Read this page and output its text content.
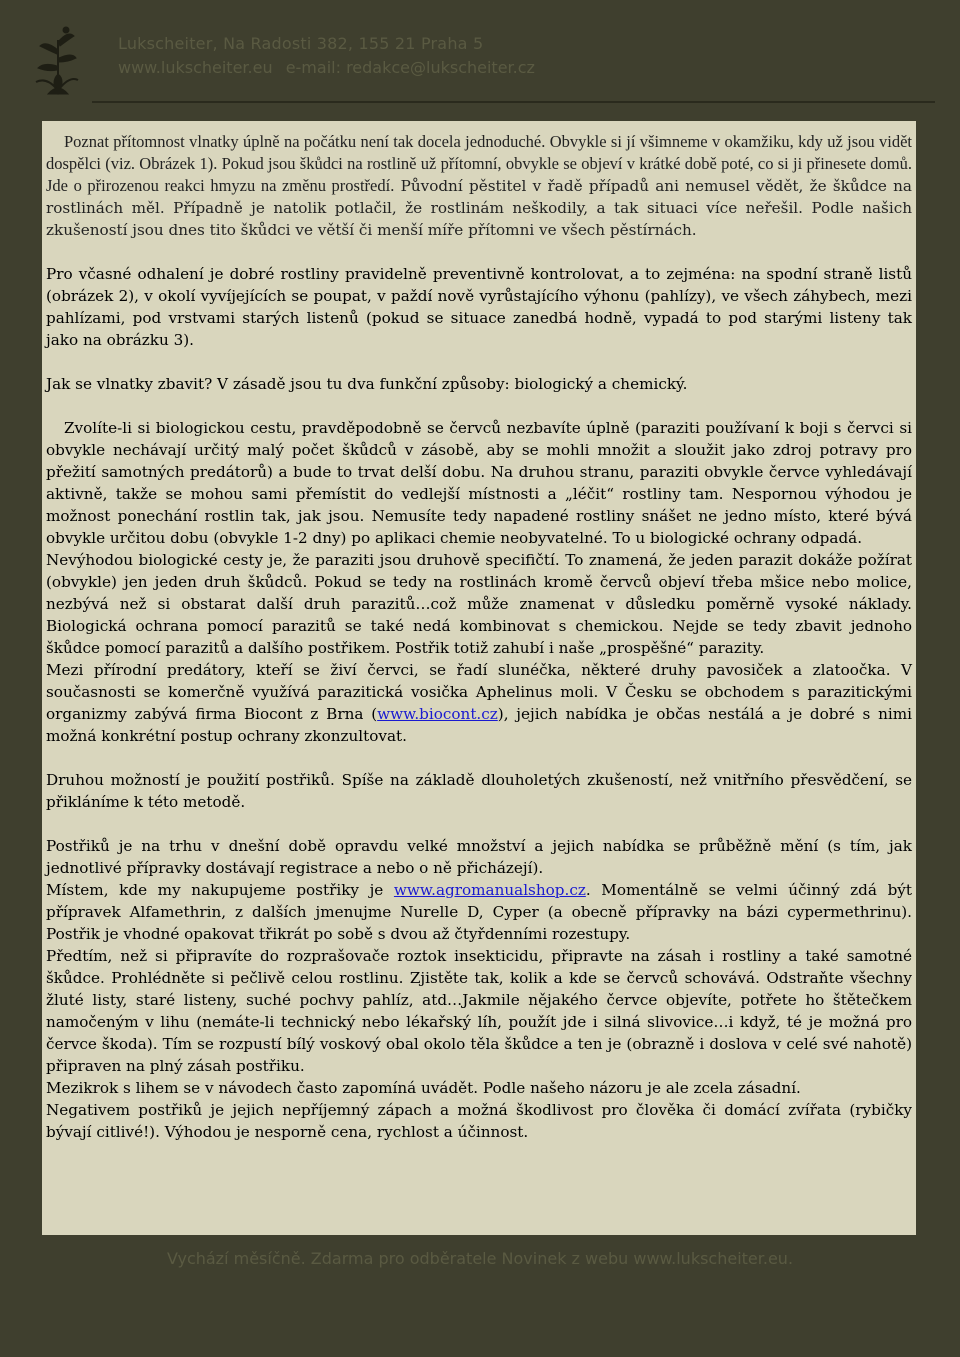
Lukscheiter, Na Radosti 382, 155 21 Praha 5
www.lukscheiter.eu e-mail: redakce@lukscheiter.cz

Poznat přítomnost vlnatky úplně na počátku není tak docela jednoduché. Obvykle si jí všimneme v okamžiku, kdy už jsou vidět dospělci (viz. Obrázek 1). Pokud jsou škůdci na rostlině už přítomní, obvykle se objeví v krátké době poté, co si ji přinesete domů. Jde o přirozenou reakci hmyzu na změnu prostředí. Původní pěstitel v řadě případů ani nemusel vědět, že škůdce na rostlinách měl. Případně je natolik potlačil, že rostlinám neškodily, a tak situaci více neřešil. Podle našich zkušeností jsou dnes tito škůdci ve větší či menší míře přítomni ve všech pěstírnách.

Pro včasné odhalení je dobré rostliny pravidelně preventivně kontrolovat, a to zejména: na spodní straně listů (obrázek 2), v okolí vyvíjejících se poupat, v paždí nově vyrůstajícího výhonu (pahlízy), ve všech záhybech, mezi pahlízami, pod vrstvami starých listenů (pokud se situace zanedbá hodně, vypadá to pod starými listeny tak jako na obrázku 3).

Jak se vlnatky zbavit? V zásadě jsou tu dva funkční způsoby: biologický a chemický.

Zvolíte-li si biologickou cestu, pravděpodobně se červců nezbavíte úplně (paraziti používaní k boji s červci si obvykle nechávají určitý malý počet škůdců v zásobě, aby se mohli množit a sloužit jako zdroj potravy pro přežití samotných predátorů) a bude to trvat delší dobu. Na druhou stranu, paraziti obvykle červce vyhledávají aktivně, takže se mohou sami přemístit do vedlejší místnosti a „léčit“ rostliny tam. Nespornou výhodou je možnost ponechání rostlin tak, jak jsou. Nemusíte tedy napadené rostliny snášet ne jedno místo, které bývá obvykle určitou dobu (obvykle 1-2 dny) po aplikaci chemie neobyvatelné. To u biologické ochrany odpadá.

Nevýhodou biologické cesty je, že paraziti jsou druhově specifičtí. To znamená, že jeden parazit dokáže požírat (obvykle) jen jeden druh škůdců. Pokud se tedy na rostlinách kromě červců objeví třeba mšice nebo molice, nezbývá než si obstarat další druh parazitů…což může znamenat v důsledku poměrně vysoké náklady. Biologická ochrana pomocí parazitů se také nedá kombinovat s chemickou. Nejde se tedy zbavit jednoho škůdce pomocí parazitů a dalšího postřikem. Postřik totiž zahubí i naše „prospěšné“ parazity.

Mezi přírodní predátory, kteří se živí červci, se řadí slunéčka, některé druhy pavosiček a zlatoočka. V současnosti se komerčně využívá parazitická vosička Aphelinus moli. V Česku se obchodem s parazitickými organizmy zabývá firma Biocont z Brna (www.biocont.cz), jejich nabídka je občas nestálá a je dobré s nimi možná konkrétní postup ochrany zkonzultovat.

Druhou možností je použití postřiků. Spíše na základě dlouholetých zkušeností, než vnitřního přesvědčení, se přikláníme k této metodě.

Postřiků je na trhu v dnešní době opravdu velké množství a jejich nabídka se průběžně mění (s tím, jak jednotlivé přípravky dostávají registrace a nebo o ně přicházejí).

Místem, kde my nakupujeme postřiky je www.agromanualshop.cz. Momentálně se velmi účinný zdá být přípravek Alfamethrin, z dalších jmenujme Nurelle D, Cyper (a obecně přípravky na bázi cypermethrinu). Postřik je vhodné opakovat třikrát po sobě s dvou až čtyřdenními rozestupy.

Předtím, než si připravíte do rozprašovače roztok insekticidu, připravte na zásah i rostliny a také samotné škůdce. Prohlédněte si pečlivě celou rostlinu. Zjistěte tak, kolik a kde se červců schovává. Odstraňte všechny žluté listy, staré listeny, suché pochvy pahlíz, atd…Jakmile nějakého červce objevíte, potřete ho štětečkem namočeným v lihu (nemáte-li technický nebo lékařský líh, použít jde i silná slivovice…i když, té je možná pro červce škoda). Tím se rozpustí bílý voskový obal okolo těla škůdce a ten je (obrazně i doslova v celé své nahotě) připraven na plný zásah postřiku.

Mezikrok s lihem se v návodech často zapomíná uvádět. Podle našeho názoru je ale zcela zásadní.

Negativem postřiků je jejich nepříjemný zápach a možná škodlivost pro člověka či domácí zvířata (rybičky bývají citlivé!). Výhodou je nesporně cena, rychlost a účinnost.

Vychází měsíčně. Zdarma pro odběratele Novinek z webu www.lukscheiter.eu.
